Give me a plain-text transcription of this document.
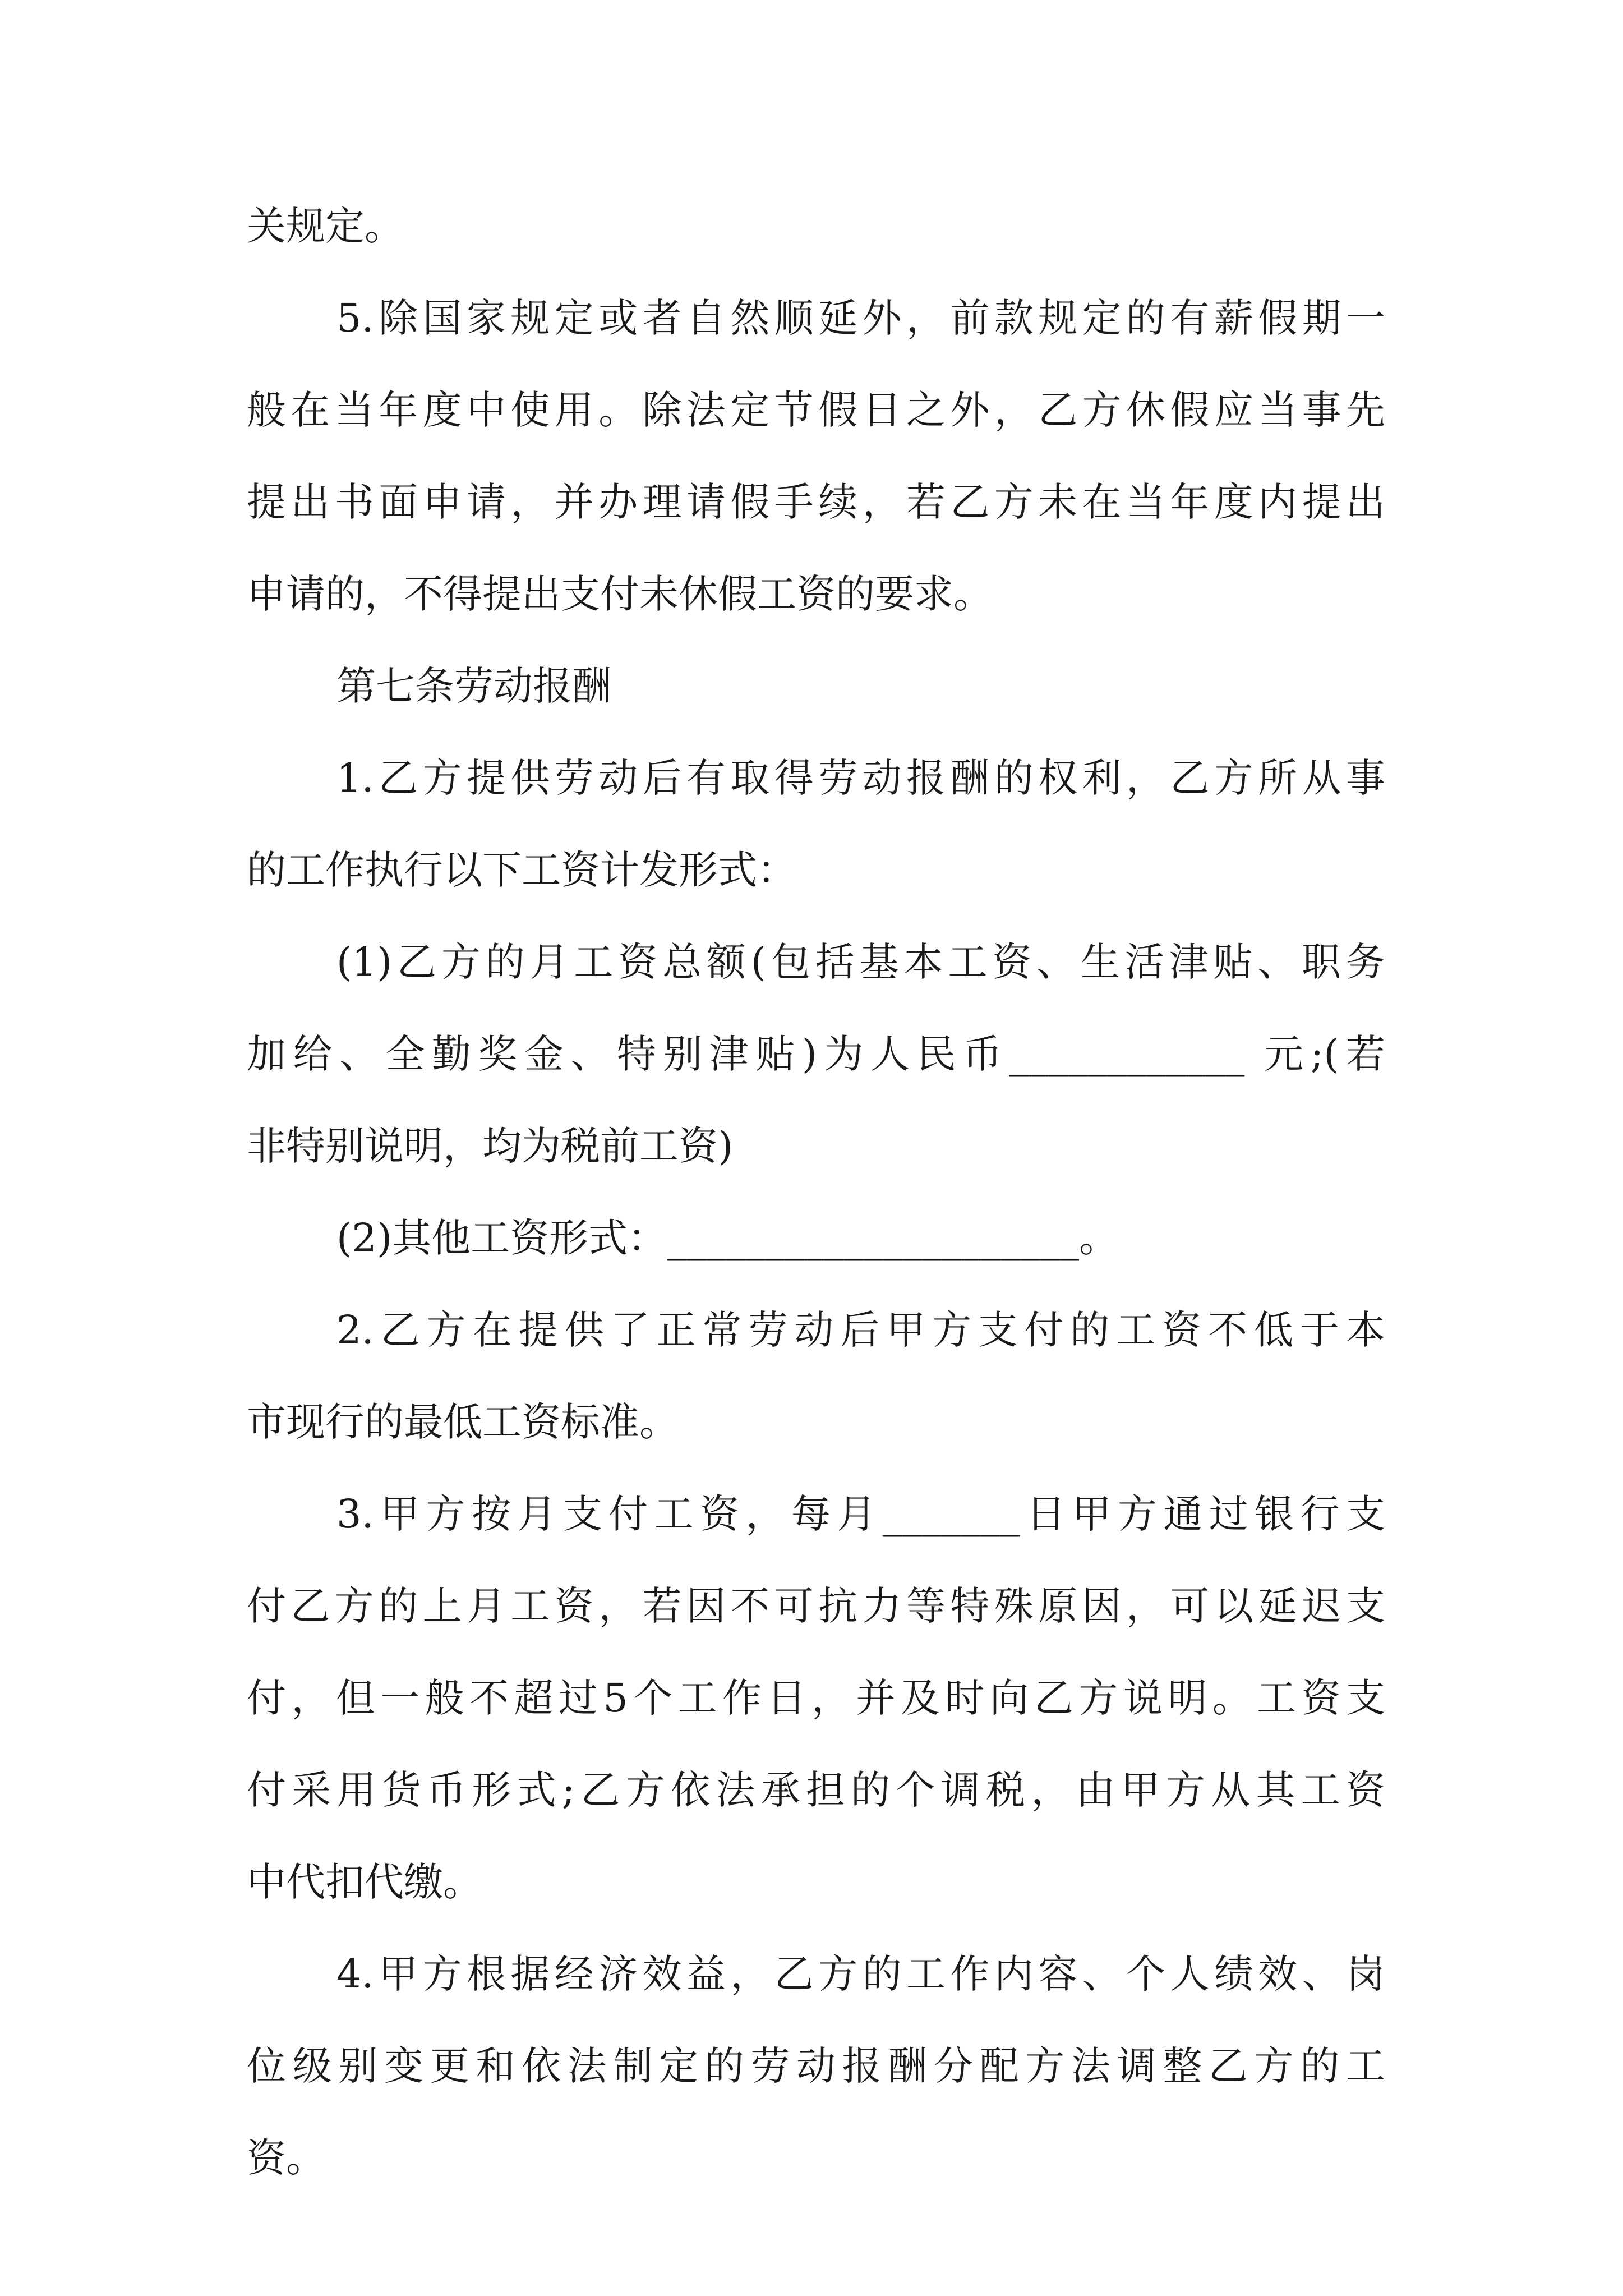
关规定。
5.除国家规定或者自然顺延外，前款规定的有薪假期一
般在当年度中使用。除法定节假日之外，乙方休假应当事先
提出书面申请，并办理请假手续，若乙方未在当年度内提出
申请的，不得提出支付未休假工资的要求。
第七条劳动报酬
1.乙方提供劳动后有取得劳动报酬的权利，乙方所从事
的工作执行以下工资计发形式：
(1)乙方的月工资总额(包括基本工资、生活津贴、职务
加给、全勤奖金、特别津贴)为人民币____________ 元;(若
非特别说明，均为税前工资)
(2)其他工资形式：_____________________。
2.乙方在提供了正常劳动后甲方支付的工资不低于本
市现行的最低工资标准。
3.甲方按月支付工资，每月_______日甲方通过银行支
付乙方的上月工资，若因不可抗力等特殊原因，可以延迟支
付，但一般不超过5个工作日，并及时向乙方说明。工资支
付采用货币形式;乙方依法承担的个调税，由甲方从其工资
中代扣代缴。
4.甲方根据经济效益，乙方的工作内容、个人绩效、岗
位级别变更和依法制定的劳动报酬分配方法调整乙方的工
资。
